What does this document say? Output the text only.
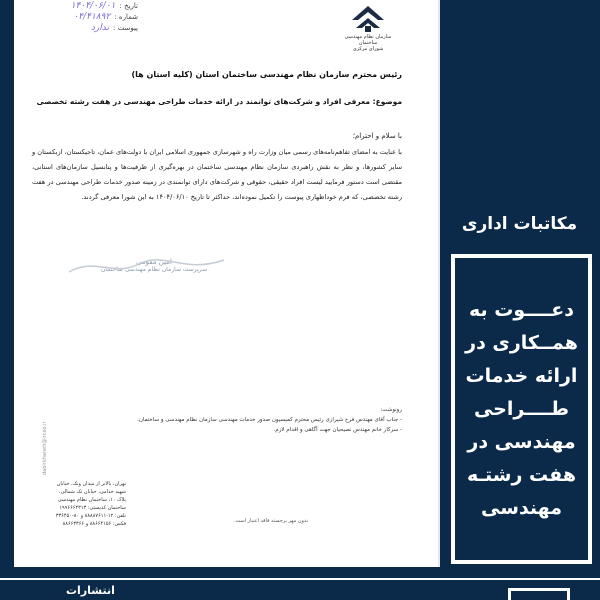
سازمان نظام مهندسی ساختمان
شورای مرکزی
تاریخ :
۱۴۰۴/۰۶/۰۱
شماره :
۰۴/۴۱۸۹۲
پیوست :
ندارد
رئیس محترم سازمان نظام مهندسی ساختمان استان (کلیه استان ها)
موضوع: معرفی افراد و شرکت‌های توانمند در ارائه خدمات طراحی مهندسی در هفت رشته تخصصی
با سلام و احترام؛
با عنایت به امضای تفاهم‌نامه‌های رسمی میان وزارت راه و شهرسازی جمهوری اسلامی ایران با دولت‌های عمان، تاجیکستان، ازبکستان و سایر کشورها، و نظر به نقش راهبردی سازمان نظام مهندسی ساختمان در بهره‌گیری از ظرفیت‌ها و پتانسیل سازمان‌های استانی، مقتضی است دستور فرمایید لیست افراد حقیقی، حقوقی و شرکت‌های دارای توانمندی در زمینه صدور خدمات طراحی مهندسی در هفت رشته تخصصی، که فرم خوداظهاری پیوست را تکمیل نموده‌اند، حداکثر تا تاریخ ۱۴۰۴/۰۶/۱۰ به این شورا معرفی گردند.
امین مقومی
سرپرست سازمان نظام مهندسی ساختمان
رونوشت:
- جناب آقای مهندس فرخ شیرازی رئیس محترم کمیسیون صدور خدمات مهندسی سازمان نظام مهندسی و ساختمان.
- سرکار خانم مهندس نصیحیان جهت آگاهی و اقدام لازم.
dabirkhaneh@irceo.ir
تهران، بالاتر از میدان ونک، خیابان
شهید خدامی، خیابان تک شمالی،
پلاک ۱۰، ساختمان نظام مهندسی
ساختمان کدپستی: ۱۹۹۶۶۶۴۳۱۳
تلفن: ۱۲-۸۸۸۸۷۶۱۱ و ۸۰-۳۳۶۴۵۰
فکس: ۸۸۶۶۴۱۵۶ و ۸۸۶۶۳۳۶۶	بدون مهر برجسته فاقد اعتبار است.
مکاتبات اداری
دعــــوت به
همــکاری در
ارائه خدمات
طــــراحی
مهندسی در
هفت رشتـه
مهندسی
انتشارات
